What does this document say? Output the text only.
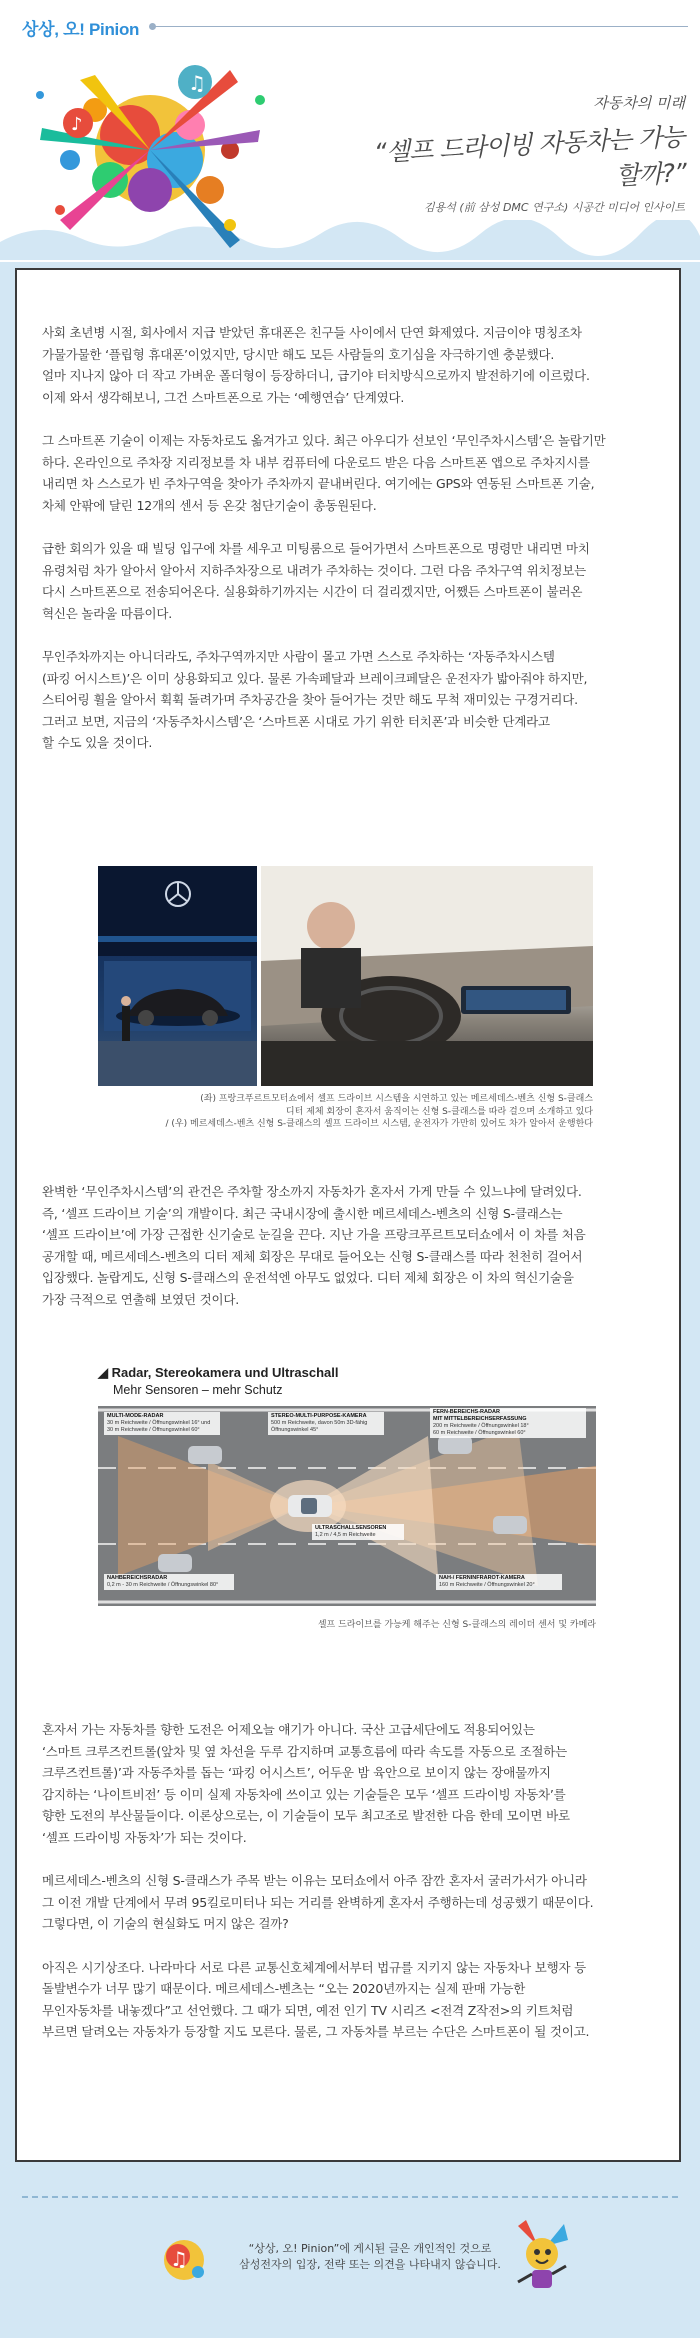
상상, 오! Pinion
♫
♪
자동차의 미래
“셀프 드라이빙 자동차는 가능할까?”
김용석 (前 삼성 DMC 연구소) 시공간 미디어 인사이트

사회 초년병 시절, 회사에서 지급 받았던 휴대폰은 친구들 사이에서 단연 화제였다. 지금이야 명칭조차
가물가물한 ‘플립형 휴대폰’이었지만, 당시만 해도 모든 사람들의 호기심을 자극하기엔 충분했다.
얼마 지나지 않아 더 작고 가벼운 폴더형이 등장하더니, 급기야 터치방식으로까지 발전하기에 이르렀다.
이제 와서 생각해보니, 그건 스마트폰으로 가는 ‘예행연습’ 단계였다.

그 스마트폰 기술이 이제는 자동차로도 옮겨가고 있다. 최근 아우디가 선보인 ‘무인주차시스템’은 놀랍기만
하다. 온라인으로 주차장 지리정보를 차 내부 컴퓨터에 다운로드 받은 다음 스마트폰 앱으로 주차지시를
내리면 차 스스로가 빈 주차구역을 찾아가 주차까지 끝내버린다. 여기에는 GPS와 연동된 스마트폰 기술,
차체 안팎에 달린 12개의 센서 등 온갖 첨단기술이 총동원된다.

급한 회의가 있을 때 빌딩 입구에 차를 세우고 미팅룸으로 들어가면서 스마트폰으로 명령만 내리면 마치
유령처럼 차가 알아서 알아서 지하주차장으로 내려가 주차하는 것이다. 그런 다음 주차구역 위치정보는
다시 스마트폰으로 전송되어온다. 실용화하기까지는 시간이 더 걸리겠지만, 어쨌든 스마트폰이 불러온
혁신은 놀라울 따름이다.

무인주차까지는 아니더라도, 주차구역까지만 사람이 몰고 가면 스스로 주차하는 ‘자동주차시스템
(파킹 어시스트)’은 이미 상용화되고 있다. 물론 가속페달과 브레이크페달은 운전자가 밟아줘야 하지만,
스티어링 휠을 알아서 휙휙 돌려가며 주차공간을 찾아 들어가는 것만 해도 무척 재미있는 구경거리다.
그러고 보면, 지금의 ‘자동주차시스템’은 ‘스마트폰 시대로 가기 위한 터치폰’과 비슷한 단계라고
할 수도 있을 것이다.

(좌) 프랑크푸르트모터쇼에서 셀프 드라이브 시스템을 시연하고 있는 메르세데스-벤츠 신형 S-클래스
디터 제체 회장이 혼자서 움직이는 신형 S-클래스를 따라 걸으며 소개하고 있다
/ (우) 메르세데스-벤츠 신형 S-클래스의 셀프 드라이브 시스템, 운전자가 가만히 있어도 차가 알아서 운행한다

완벽한 ‘무인주차시스템’의 관건은 주차할 장소까지 자동차가 혼자서 가게 만들 수 있느냐에 달려있다.
즉, ‘셀프 드라이브 기술’의 개발이다. 최근 국내시장에 출시한 메르세데스-벤츠의 신형 S-클래스는
‘셀프 드라이브’에 가장 근접한 신기술로 눈길을 끈다. 지난 가을 프랑크푸르트모터쇼에서 이 차를 처음
공개할 때, 메르세데스-벤츠의 디터 제체 회장은 무대로 들어오는 신형 S-클래스를 따라 천천히 걸어서
입장했다. 놀랍게도, 신형 S-클래스의 운전석엔 아무도 없었다. 디터 제체 회장은 이 차의 혁신기술을
가장 극적으로 연출해 보였던 것이다.

◢ Radar, Stereokamera und Ultraschall
Mehr Sensoren – mehr Schutz
MULTI-MODE-RADAR
30 m Reichweite / Öffnungswinkel 16° und
30 m Reichweite / Öffnungswinkel 60°
STEREO-MULTI-PURPOSE-KAMERA
500 m Reichweite, davon 50m 3D-fähig
Öffnungswinkel 45°
FERN-BEREICHS-RADAR
MIT MITTELBEREICHSERFASSUNG
200 m Reichweite / Öffnungswinkel 18°
60 m Reichweite / Öffnungswinkel 60°
ULTRASCHALLSENSOREN
1,2 m / 4,5 m Reichweite
NAHBEREICHSRADAR
0,2 m - 30 m Reichweite / Öffnungswinkel 80°
NAH-/ FERNINFRAROT-KAMERA
160 m Reichweite / Öffnungswinkel 20°
셀프 드라이브를 가능케 해주는 신형 S-클래스의 레이더 센서 및 카메라

혼자서 가는 자동차를 향한 도전은 어제오늘 얘기가 아니다. 국산 고급세단에도 적용되어있는
‘스마트 크루즈컨트롤(앞차 및 옆 차선을 두루 감지하며 교통흐름에 따라 속도를 자동으로 조절하는
크루즈컨트롤)’과 자동주차를 돕는 ‘파킹 어시스트’, 어두운 밤 육안으로 보이지 않는 장애물까지
감지하는 ‘나이트비전’ 등 이미 실제 자동차에 쓰이고 있는 기술들은 모두 ‘셀프 드라이빙 자동차’를
향한 도전의 부산물들이다. 이론상으로는, 이 기술들이 모두 최고조로 발전한 다음 한데 모이면 바로
‘셀프 드라이빙 자동차’가 되는 것이다.

메르세데스-벤츠의 신형 S-클래스가 주목 받는 이유는 모터쇼에서 아주 잠깐 혼자서 굴러가서가 아니라
그 이전 개발 단계에서 무려 95킬로미터나 되는 거리를 완벽하게 혼자서 주행하는데 성공했기 때문이다.
그렇다면, 이 기술의 현실화도 머지 않은 걸까?

아직은 시기상조다. 나라마다 서로 다른 교통신호체계에서부터 법규를 지키지 않는 자동차나 보행자 등
돌발변수가 너무 많기 때문이다. 메르세데스-벤츠는 “오는 2020년까지는 실제 판매 가능한
무인자동차를 내놓겠다”고 선언했다. 그 때가 되면, 예전 인기 TV 시리즈 <전격 Z작전>의 키트처럼
부르면 달려오는 자동차가 등장할 지도 모른다. 물론, 그 자동차를 부르는 수단은 스마트폰이 될 것이고.

♫	“상상, 오! Pinion”에 게시된 글은 개인적인 것으로
삼성전자의 입장, 전략 또는 의견을 나타내지 않습니다.
